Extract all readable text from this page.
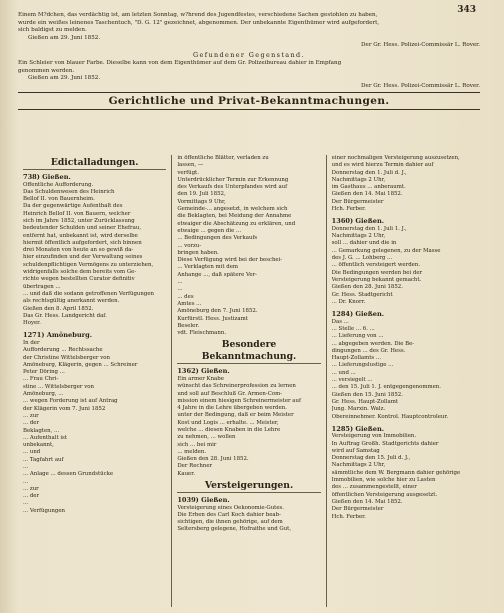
343
Einem M?dchen, das verdächtig ist, am letzten Sonntag, w?hrend des Jugendfestes, verschiedene Sachen gestohlen zu haben,
wurde ein weißes leinenes Taschentuch, "D. G. 12" gezeichnet, abgenommen. Der unbekannte Eigenthümer wird aufgefordert,
sich baldigst zu melden.
Gießen am 29. Juni 1852.
Der Gr. Hess. Polizei-Commissär L. Rover.
Gefundener Gegenstand.
Ein Schleier von blauer Farbe. Dieselbe kann von dem Eigenthümer auf dem Gr. Polizeibureau dahier in Empfang
genommen werden.
Gießen am 29. Juni 1852.
Der Gr. Hess. Polizei-Commissär L. Rover.
Gerichtliche und Privat-Bekanntmachungen.
Edictalladungen.
738) Gießen.
Öffentliche Aufforderung.
Das Schuldenwesen des Heinrich
Bellof II. von Bauernheim.
Da der gegenwärtige Aufenthalt des
Heinrich Bellof II. von Bauern, welcher
sich im Jahre 1852, unter Zurücklassung
bedeutender Schulden und seiner Ehefrau,
entfernt hat, unbekannt ist, wird derselbe
hiermit öffentlich aufgefordert, sich binnen
drei Monaten von heute an so gewiß da-
hier einzufinden und der Verwaltung seines
schuldenpflichtigen Vermögens zu unterziehen,
widrigenfalls solche dem bereits vom Ge-
richte wegen bestellten Curator definitiv
übertragen ...
... und daß die sodann getroffenen Verfügungen
als rechtsgültig anerkannt werden.
Gießen den 8. April 1852.
Das Gr. Hess. Landgericht daf.
Hoyer.
1271) Amöneburg.
In der
Aufforderung ... Rechtssache
der Christine Wittelsberger von
Amöneburg, Klägerin, gegen ... Schreiner
Peter Döring ...
... Frau Chri-
stine ... Wittelsberger von
Amöneburg, ...
... wegen Forderung ist auf Antrag
der Klägerin vom 7. Juni 1852
... zur
... der
Beklagten, ...
... Aufenthalt ist
unbekannt,
... und
... Tagfahrt auf
...
... Anlage ... dessen Grundstücke
...
... zur
... der
...
... Verfügungen
in öffentliche Blätter, verladen zu
lassen, —
verfügt.
Unterdrücklicher Termin zur Erkennung
des Verkaufs des Unterpfandes wird auf
den 19. Juli 1852,
Vormittags 9 Uhr,
Gemeinde-... angesetzt, in welchem sich
die Beklagten, bei Meidung der Annahme
etwaiger die Abschätzung zu erklären, und
etwaige ... gegen die ...
... Bedingungen des Verkaufs
... vorzu-
bringen haben.
Diese Verfügung wird bei der beschei-
... Verklagten mit dem
Anhange ..., daß spätere Ver-
...
...
... des
Amtes ...
Amöneburg den 7. Juni 1852.
Kurfürstl. Hess. Justizamt
Beseler.
vdt. Fleischmann.
Besondere Bekanntmachung.
1362) Gießen.
Ein armer Knabe
wünscht das Schreinerprofession zu lernen
und soll auf Beschluß Gr. Armen-Com-
mission einem hiesigen Schreinermeister auf
4 Jahre in die Lehre übergeben werden.
unter der Bedingung, daß er beim Meister
Kost und Logis ... erhalte. ... Meister,
welche ... diesen Knaben in die Lehre
zu nehmen, ... wollen
sich ... bei mir
... melden.
Gießen den 28. Juni 1852.
Der Rechner
Kauer.
Versteigerungen.
1039) Gießen.
Versteigerung eines Oekonomie-Gutes.
Die Erben des Carl Koch dahier beab-
sichtigen, die ihnen gehörige, auf dem
Seltersberg gelegene, Hofraithe und Gut,
einer nochmaligen Versteigerung auszusetzen,
und es wird hierzu Termin dahier auf
Donnerstag den 1. Juli d. J.,
Nachmittags 2 Uhr,
im Gasthaus ... anberaumt.
Gießen den 14. Mai 1852.
Der Bürgermeister
Hch. Ferber.
1360) Gießen.
Donnerstag den 1. Juli 1. J.,
Nachmittags 2 Uhr,
soll ... dahier und die in
... Gemarkung gelegenen, zu der Masse
des J. G. ... Lohberg ...
... öffentlich versteigert werden.
Die Bedingungen werden bei der
Versteigerung bekannt gemacht.
Gießen den 28. Juni 1852.
Gr. Hess. Stadtgericht
... Dr. Knorr.
1284) Gießen.
Das ...
... Stelle ... 6. ...
... Lieferung von ...
... abgegeben werden. Die Be-
dingungen ... des Gr. Hess.
Haupt-Zollamts ...
... Lieferungslustige ...
... und ...
... versiegelt ...
... den 15. Juli 1. J. entgegengenommen.
Gießen den 15. Juni 1852.
Gr. Hess. Haupt-Zollamt
Jung. Marxin. Walz.
Obereinnehmer. Kontrol. Hauptcontroleur.
1285) Gießen.
Versteigerung von Immobilien.
In Auftrag Großh. Stadtgerichts dahier
wird auf Samstag
Donnerstag den 15. Juli d. J.,
Nachmittags 2 Uhr,
sämmtliche dem W. Bergmann dahier gehörige
Immobilien, wie solche hier zu Lasten
des ... zusammengestellt, einer
öffentlichen Versteigerung ausgesetzt.
Gießen den 14. Mai 1852.
Der Bürgermeister
Hch. Ferber.
